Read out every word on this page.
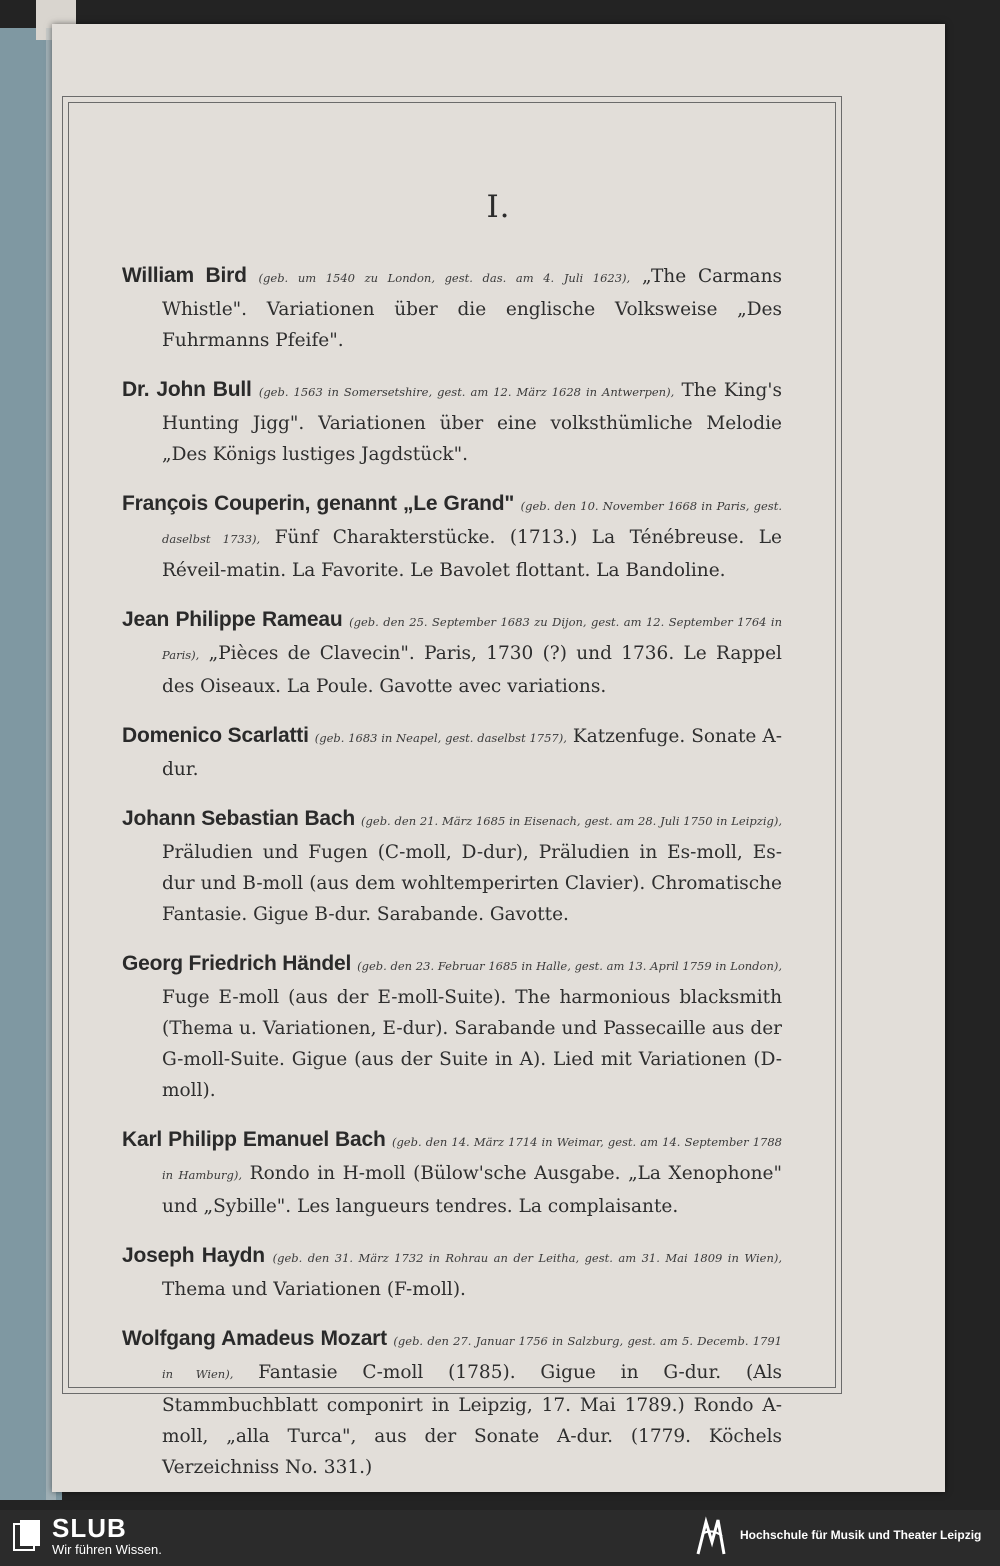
I.

William Bird (geb. um 1540 zu London, gest. das. am 4. Juli 1623), „The Carmans Whistle". Variationen über die englische Volksweise „Des Fuhrmanns Pfeife".

Dr. John Bull (geb. 1563 in Somersetshire, gest. am 12. März 1628 in Antwerpen), The King's Hunting Jigg". Variationen über eine volksthümliche Melodie „Des Königs lustiges Jagdstück".

François Couperin, genannt „Le Grand" (geb. den 10. November 1668 in Paris, gest. daselbst 1733), Fünf Charakterstücke. (1713.) La Ténébreuse. Le Réveil-matin. La Favorite. Le Bavolet flottant. La Bandoline.

Jean Philippe Rameau (geb. den 25. September 1683 zu Dijon, gest. am 12. September 1764 in Paris), „Pièces de Clavecin". Paris, 1730 (?) und 1736. Le Rappel des Oiseaux. La Poule. Gavotte avec variations.

Domenico Scarlatti (geb. 1683 in Neapel, gest. daselbst 1757), Katzenfuge. Sonate A-dur.

Johann Sebastian Bach (geb. den 21. März 1685 in Eisenach, gest. am 28. Juli 1750 in Leipzig), Präludien und Fugen (C-moll, D-dur), Präludien in Es-moll, Es-dur und B-moll (aus dem wohltemperirten Clavier). Chromatische Fantasie. Gigue B-dur. Sarabande. Gavotte.

Georg Friedrich Händel (geb. den 23. Februar 1685 in Halle, gest. am 13. April 1759 in London), Fuge E-moll (aus der E-moll-Suite). The harmonious blacksmith (Thema u. Variationen, E-dur). Sarabande und Passecaille aus der G-moll-Suite. Gigue (aus der Suite in A). Lied mit Variationen (D-moll).

Karl Philipp Emanuel Bach (geb. den 14. März 1714 in Weimar, gest. am 14. September 1788 in Hamburg), Rondo in H-moll (Bülow'sche Ausgabe. „La Xenophone" und „Sybille". Les langueurs tendres. La complaisante.

Joseph Haydn (geb. den 31. März 1732 in Rohrau an der Leitha, gest. am 31. Mai 1809 in Wien), Thema und Variationen (F-moll).

Wolfgang Amadeus Mozart (geb. den 27. Januar 1756 in Salzburg, gest. am 5. Decemb. 1791 in Wien), Fantasie C-moll (1785). Gigue in G-dur. (Als Stammbuchblatt componirt in Leipzig, 17. Mai 1789.) Rondo A-moll, „alla Turca", aus der Sonate A-dur. (1779. Köchels Verzeichniss No. 331.)

SLUB
Wir führen Wissen.
Hochschule für Musik und Theater Leipzig
